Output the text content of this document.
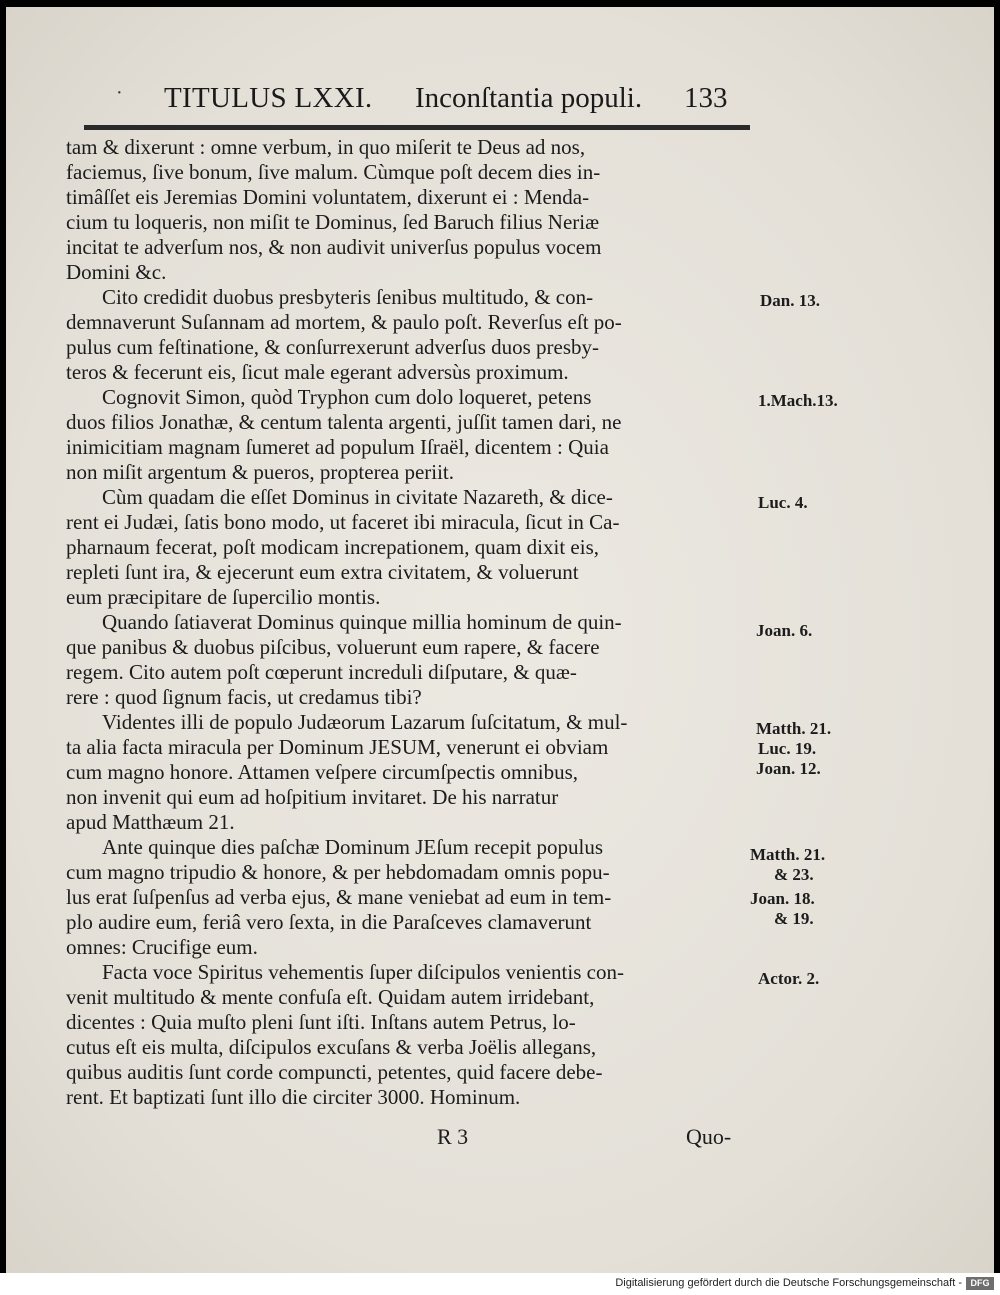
· TITULUS LXXI. Inconſtantia populi. 133
tam & dixerunt : omne verbum, in quo miſerit te Deus ad nos,
faciemus, ſive bonum, ſive malum. Cùmque poſt decem dies in-
timâſſet eis Jeremias Domini voluntatem, dixerunt ei : Menda-
cium tu loqueris, non miſit te Dominus, ſed Baruch filius Neriæ
incitat te adverſum nos, & non audivit univerſus populus vocem
Domini &c.
Cito credidit duobus presbyteris ſenibus multitudo, & con-
demnaverunt Suſannam ad mortem, & paulo poſt. Reverſus eſt po-
pulus cum feſtinatione, & conſurrexerunt adverſus duos presby-
teros & fecerunt eis, ſicut male egerant adversùs proximum.
Cognovit Simon, quòd Tryphon cum dolo loqueret, petens
duos filios Jonathæ, & centum talenta argenti, juſſit tamen dari, ne
inimicitiam magnam ſumeret ad populum Iſraël, dicentem : Quia
non miſit argentum & pueros, propterea periit.
Cùm quadam die eſſet Dominus in civitate Nazareth, & dice-
rent ei Judæi, ſatis bono modo, ut faceret ibi miracula, ſicut in Ca-
pharnaum fecerat, poſt modicam increpationem, quam dixit eis,
repleti ſunt ira, & ejecerunt eum extra civitatem, & voluerunt
eum præcipitare de ſupercilio montis.
Quando ſatiaverat Dominus quinque millia hominum de quin-
que panibus & duobus piſcibus, voluerunt eum rapere, & facere
regem. Cito autem poſt cœperunt increduli diſputare, & quæ-
rere : quod ſignum facis, ut credamus tibi?
Videntes illi de populo Judæorum Lazarum ſuſcitatum, & mul-
ta alia facta miracula per Dominum JESUM, venerunt ei obviam
cum magno honore. Attamen veſpere circumſpectis omnibus,
non invenit qui eum ad hoſpitium invitaret. De his narratur
apud Matthæum 21.
Ante quinque dies paſchæ Dominum JEſum recepit populus
cum magno tripudio & honore, & per hebdomadam omnis popu-
lus erat ſuſpenſus ad verba ejus, & mane veniebat ad eum in tem-
plo audire eum, feriâ vero ſexta, in die Paraſceves clamaverunt
omnes: Crucifige eum.
Facta voce Spiritus vehementis ſuper diſcipulos venientis con-
venit multitudo & mente confuſa eſt. Quidam autem irridebant,
dicentes : Quia muſto pleni ſunt iſti. Inſtans autem Petrus, lo-
cutus eſt eis multa, diſcipulos excuſans & verba Joëlis allegans,
quibus auditis ſunt corde compuncti, petentes, quid facere debe-
rent. Et baptizati ſunt illo die circiter 3000. Hominum.
Dan. 13.
1.Mach.13.
Luc. 4.
Joan. 6.
Matth. 21.
Luc. 19.
Joan. 12.
Matth. 21.
& 23.
Joan. 18.
& 19.
Actor. 2.
R 3	Quo-
Digitalisierung gefördert durch die Deutsche Forschungsgemeinschaft - DFG
